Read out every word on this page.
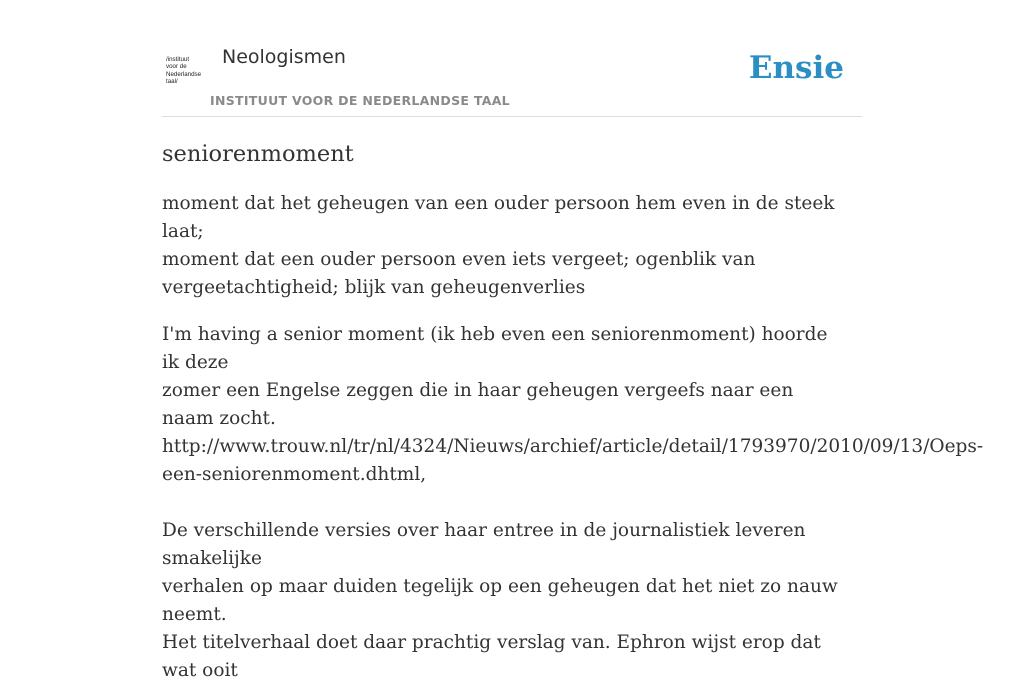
/instituut
voor de
Nederlandse
taal/
Neologismen
INSTITUUT VOOR DE NEDERLANDSE TAAL
Ensie
seniorenmoment
moment dat het geheugen van een ouder persoon hem even in de steek laat;
moment dat een ouder persoon even iets vergeet; ogenblik van
vergeetachtigheid; blijk van geheugenverlies
I'm having a senior moment (ik heb even een seniorenmoment) hoorde ik deze
zomer een Engelse zeggen die in haar geheugen vergeefs naar een naam zocht.
http://www.trouw.nl/tr/nl/4324/Nieuws/archief/article/detail/1793970/2010/09/13/Oeps-
een-seniorenmoment.dhtml,
De verschillende versies over haar entree in de journalistiek leveren smakelijke
verhalen op maar duiden tegelijk op een geheugen dat het niet zo nauw neemt.
Het titelverhaal doet daar prachtig verslag van. Ephron wijst erop dat wat ooit
